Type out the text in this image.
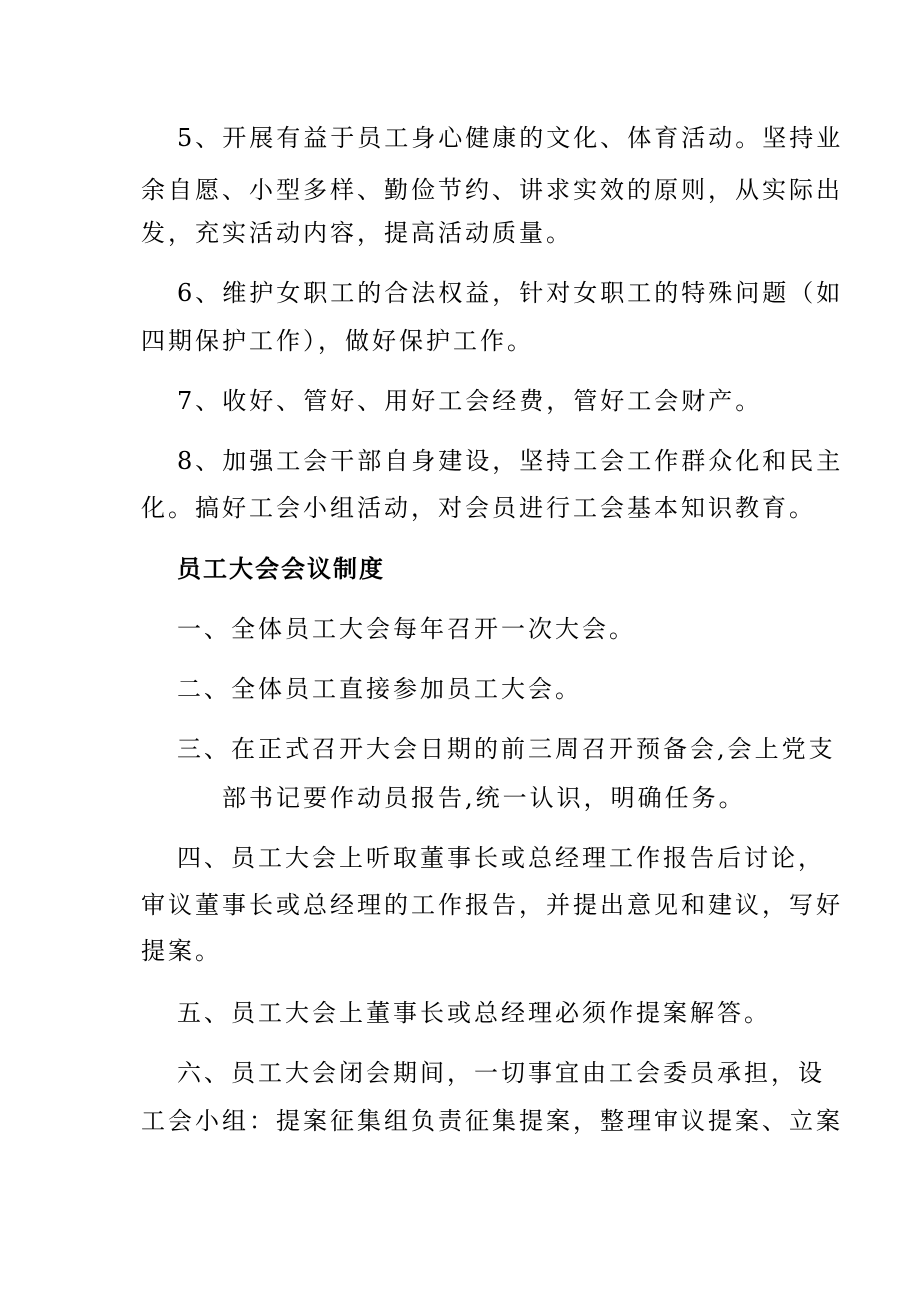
5、开展有益于员工身心健康的文化、体育活动。坚持业
余自愿、小型多样、勤俭节约、讲求实效的原则，从实际出
发，充实活动内容，提高活动质量。
6、维护女职工的合法权益，针对女职工的特殊问题（如
四期保护工作），做好保护工作。
7、收好、管好、用好工会经费，管好工会财产。
8、加强工会干部自身建设，坚持工会工作群众化和民主
化。搞好工会小组活动，对会员进行工会基本知识教育。
员工大会会议制度
一、全体员工大会每年召开一次大会。
二、全体员工直接参加员工大会。
三、在正式召开大会日期的前三周召开预备会,会上党支
部书记要作动员报告,统一认识，明确任务。
四、员工大会上听取董事长或总经理工作报告后讨论，
审议董事长或总经理的工作报告，并提出意见和建议，写好
提案。
五、员工大会上董事长或总经理必须作提案解答。
六、员工大会闭会期间，一切事宜由工会委员承担，设
工会小组：提案征集组负责征集提案，整理审议提案、立案
